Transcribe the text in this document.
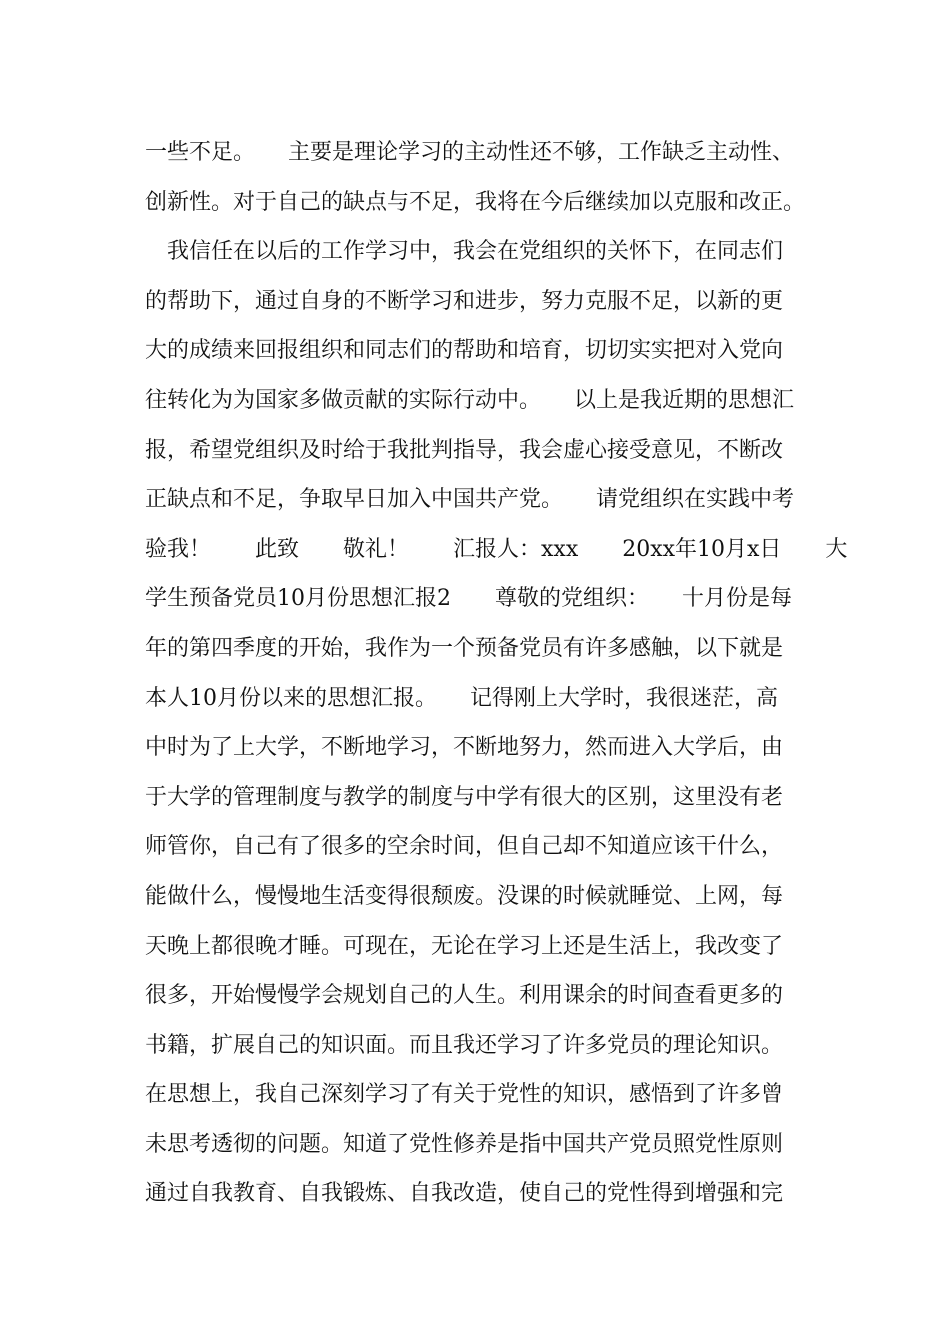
一些不足。　　主要是理论学习的主动性还不够，工作缺乏主动性、
创新性。对于自己的缺点与不足，我将在今后继续加以克服和改正。
　我信任在以后的工作学习中，我会在党组织的关怀下，在同志们
的帮助下，通过自身的不断学习和进步，努力克服不足，以新的更
大的成绩来回报组织和同志们的帮助和培育，切切实实把对入党向
往转化为为国家多做贡献的实际行动中。　　以上是我近期的思想汇
报，希望党组织及时给于我批判指导，我会虚心接受意见，不断改
正缺点和不足，争取早日加入中国共产党。　　请党组织在实践中考
验我！　　此致　　敬礼！　　汇报人：xxx　　20xx年10月x日　　大
学生预备党员10月份思想汇报2　　尊敬的党组织：　　十月份是每
年的第四季度的开始，我作为一个预备党员有许多感触，以下就是
本人10月份以来的思想汇报。　　记得刚上大学时，我很迷茫，高
中时为了上大学，不断地学习，不断地努力，然而进入大学后，由
于大学的管理制度与教学的制度与中学有很大的区别，这里没有老
师管你，自己有了很多的空余时间，但自己却不知道应该干什么，
能做什么，慢慢地生活变得很颓废。没课的时候就睡觉、上网，每
天晚上都很晚才睡。可现在，无论在学习上还是生活上，我改变了
很多，开始慢慢学会规划自己的人生。利用课余的时间查看更多的
书籍，扩展自己的知识面。而且我还学习了许多党员的理论知识。
在思想上，我自己深刻学习了有关于党性的知识，感悟到了许多曾
未思考透彻的问题。知道了党性修养是指中国共产党员照党性原则
通过自我教育、自我锻炼、自我改造，使自己的党性得到增强和完
